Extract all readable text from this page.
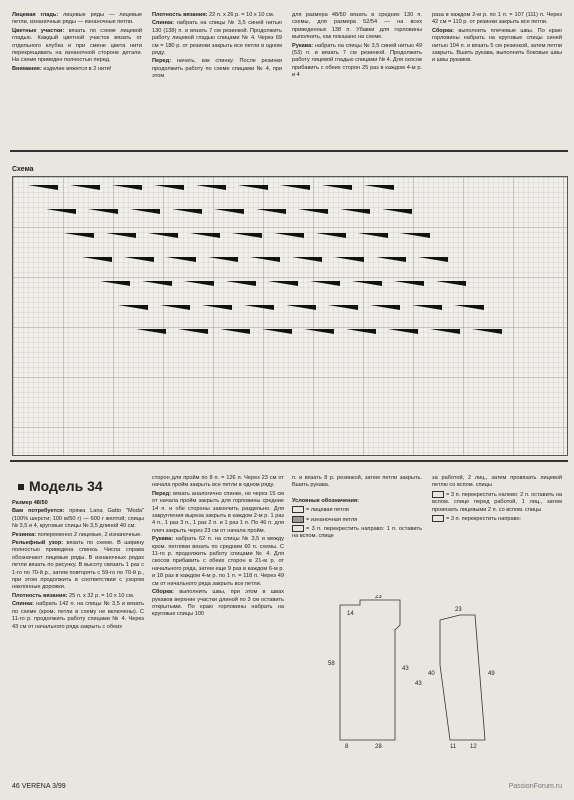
Лицевая гладь: лицевые ряды — лицевые петли, изнаночные ряды — изнаночные петли.

Цветные участки: вязать по схеме лицевой гладью. Каждый цветной участок вязать от отдельного клубка и при смене цвета нити перекрещивать на изнаночной стороне детали. На схеме приведен полностью перед.

Внимание: изделие вяжется в 2 нити!

Плотность вязания: 22 п. х 26 р. = 10 х 10 см.

Спинка: набрать на спицы № 3,5 синей нитью 130 (138) п. и вязать 7 см резинкой. Продолжить работу лицевой гладью спицами № 4. Через 69 см = 180 р. от резинки закрыть все петли в одном ряду.

Перед: начать, как спинку. После резинки продолжить работу по схеме спицами № 4, при этом

для размера 48/50 вязать в средних 130 п. схемы, для размера 52/54 — на всех приведенных 138 п. Убавки для горловины выполнить, как показано на схеме.

Рукава: набрать на спицы № 3,5 синей нитью 49 (53) п. и вязать 7 см резинкой. Продолжить работу лицевой гладью спицами № 4. Для скосов прибавить с обеих сторон 25 раз в каждом 4-м р. и 4

раза в каждом 2-м р. по 1 п. = 107 (111) п. Через 42 см = 110 р. от резинки закрыть все петли.

Сборка: выполнить плечевые швы. По краю горловины набрать на круговые спицы синей нитью 104 п. и вязать 5 см резинкой, затем петли закрыть. Вшить рукава, выполнить боковые швы и швы рукавов.

Схема
Модель 34

Размер 48/50

Вам потребуется: пряжа Lana Gatto "Moda" (100% шерсти; 100 м/50 г) — 600 г желтой; спицы № 3,5 и 4, круговые спицы № 3,5 длиной 40 см.

Резинка: попеременно 2 лицевые, 2 изнаночные.

Рельефный узор: вязать по схеме. В ширину полностью приведена спинка. Числа справа обозначают лицевые ряды. В изнаночных рядах петли вязать по рисунку. В высоту связать 1 раз с 1-го по 70-й р., затем повторять с 59-го по 70-й р., при этом продолжить в соответствии с узором наклонные дорожки.

Плотность вязания: 25 п. х 32 р. = 10 х 10 см.

Спинка: набрать 142 п. на спицы № 3,5 и вязать по схеме (кром. петли в схему не включены). С 11-го р. продолжить работу спицами № 4. Через 43 см от начального ряда закрыть с обеих

сторон для пройм по 8 п. = 126 п. Через 23 см от начала пройм закрыть все петли в одном ряду.

Перед: вязать аналогично спинке, но через 15 см от начала пройм закрыть для горловины средние 14 п. и обе стороны закончить раздельно. Для закругления выреза закрыть в каждом 2-м р. 1 раз 4 п., 1 раз 3 п., 1 раз 2 п. и 1 раз 1 п. По 46 п. для плеч закрыть через 23 см от начала пройм.

Рукава: набрать 62 п. на спицы № 3,5 и между кром. петлями вязать по средним 60 п. схемы. С 11-го р. продолжить работу спицами № 4. Для скосов прибавить с обеих сторон в 21-м р. от начального ряда, затем еще 9 раз в каждом 6-м р. и 18 раз в каждом 4-м р. по 1 п. = 118 п. Через 49 см от начального ряда закрыть все петли.

Сборка: выполнить швы, при этом в швах рукавов верхние участки длиной по 3 см оставить открытыми. По краю горловины набрать на круговые спицы 100

п. и вязать 8 р. резинкой, затем петли закрыть. Вшить рукава.

Условные обозначения:

= лицевая петля

= изнаночная петля

= 3 п. перекрестить направо: 1 п. оставить на вспом. спице

за работой, 2 лиц., затем провязать лицевой петлю со вспом. спицы

= 3 п. перекрестить налево: 2 п. оставить на вспом. спице перед работой, 1 лиц., затем провязать лицевыми 2 п. со вспом. спицы

= 3 п. перекрестить направо:

23
14
58
43
28
8
23
40	49
12
11
43
46 VERENA 3/99	PassionForum.ru
